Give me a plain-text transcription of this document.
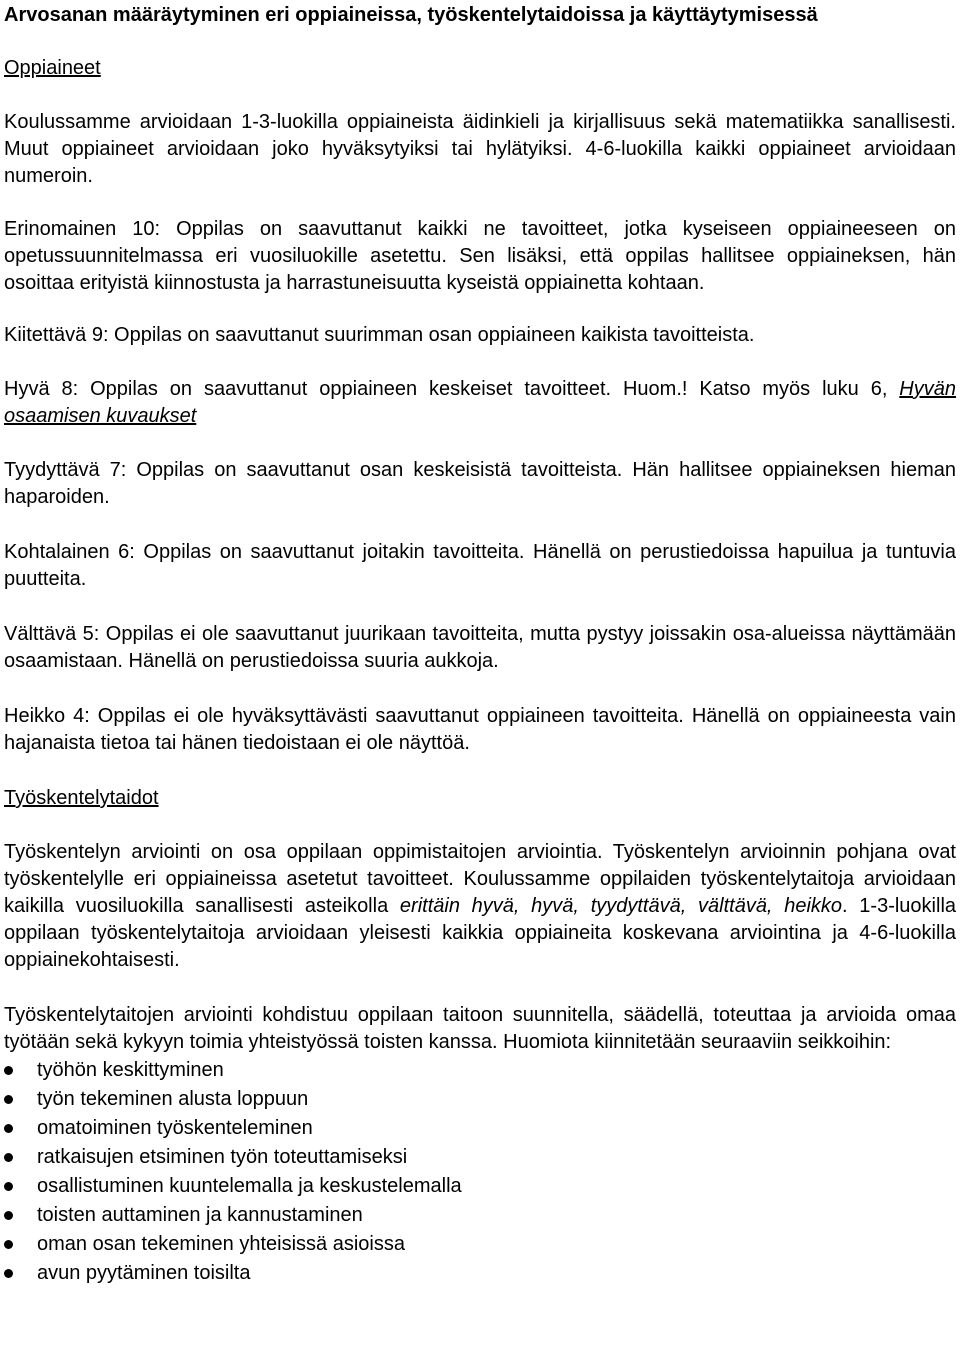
Arvosanan määräytyminen eri oppiaineissa, työskentelytaidoissa ja käyttäytymisessä
Oppiaineet

Koulussamme arvioidaan 1-3-luokilla oppiaineista äidinkieli ja kirjallisuus sekä matematiikka sanallisesti. Muut oppiaineet arvioidaan joko hyväksytyiksi tai hylätyiksi. 4-6-luokilla kaikki oppiaineet arvioidaan numeroin.

Erinomainen 10: Oppilas on saavuttanut kaikki ne tavoitteet, jotka kyseiseen oppiaineeseen on opetussuunnitelmassa eri vuosiluokille asetettu. Sen lisäksi, että oppilas hallitsee oppiaineksen, hän osoittaa erityistä kiinnostusta ja harrastuneisuutta kyseistä oppiainetta kohtaan.

Kiitettävä 9: Oppilas on saavuttanut suurimman osan oppiaineen kaikista tavoitteista.

Hyvä 8: Oppilas on saavuttanut oppiaineen keskeiset tavoitteet. Huom.! Katso myös luku 6, Hyvän osaamisen kuvaukset

Tyydyttävä 7: Oppilas on saavuttanut osan keskeisistä tavoitteista. Hän hallitsee oppiaineksen hieman haparoiden.

Kohtalainen 6: Oppilas on saavuttanut joitakin tavoitteita. Hänellä on perustiedoissa hapuilua ja tuntuvia puutteita.

Välttävä 5: Oppilas ei ole saavuttanut juurikaan tavoitteita, mutta pystyy joissakin osa-alueissa näyttämään osaamistaan. Hänellä on perustiedoissa suuria aukkoja.

Heikko 4: Oppilas ei ole hyväksyttävästi saavuttanut oppiaineen tavoitteita. Hänellä on oppiaineesta vain hajanaista tietoa tai hänen tiedoistaan ei ole näyttöä.

Työskentelytaidot

Työskentelyn arviointi on osa oppilaan oppimistaitojen arviointia. Työskentelyn arvioinnin pohjana ovat työskentelylle eri oppiaineissa asetetut tavoitteet. Koulussamme oppilaiden työskentelytaitoja arvioidaan kaikilla vuosiluokilla sanallisesti asteikolla erittäin hyvä, hyvä, tyydyttävä, välttävä, heikko. 1-3-luokilla oppilaan työskentelytaitoja arvioidaan yleisesti kaikkia oppiaineita koskevana arviointina ja 4-6-luokilla oppiainekohtaisesti.

Työskentelytaitojen arviointi kohdistuu oppilaan taitoon suunnitella, säädellä, toteuttaa ja arvioida omaa työtään sekä kykyyn toimia yhteistyössä toisten kanssa. Huomiota kiinnitetään seuraaviin seikkoihin:

työhön keskittyminen
työn tekeminen alusta loppuun
omatoiminen työskenteleminen
ratkaisujen etsiminen työn toteuttamiseksi
osallistuminen kuuntelemalla ja keskustelemalla
toisten auttaminen ja kannustaminen
oman osan tekeminen yhteisissä asioissa
avun pyytäminen toisilta
